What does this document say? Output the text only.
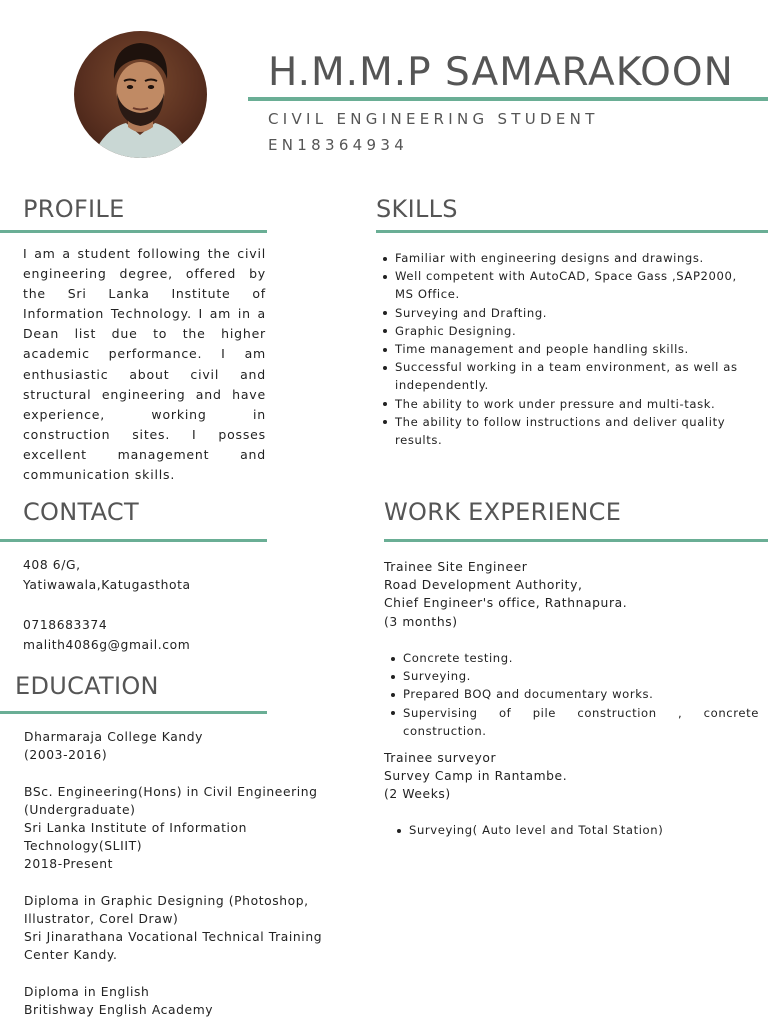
H.M.M.P SAMARAKOON
CIVIL ENGINEERING STUDENT
EN18364934
PROFILE
I am a student following the civil engineering degree, offered by the Sri Lanka Institute of Information Technology. I am in a Dean list due to the higher academic performance. I am enthusiastic about civil and structural engineering and have experience, working in construction sites. I posses excellent management and communication skills.
SKILLS
Familiar with engineering designs and drawings.
Well competent with AutoCAD, Space Gass ,SAP2000, MS Office.
Surveying and Drafting.
Graphic Designing.
Time management and people handling skills.
Successful working in a team environment, as well as independently.
The ability to work under pressure and multi-task.
The ability to follow instructions and deliver quality results.
CONTACT
408 6/G,
Yatiwawala,Katugasthota
0718683374
malith4086g@gmail.com
EDUCATION
Dharmaraja College Kandy
(2003-2016)
BSc. Engineering(Hons) in Civil Engineering
(Undergraduate)
Sri Lanka Institute of Information
Technology(SLIIT)
2018-Present
Diploma in Graphic Designing (Photoshop,
Illustrator, Corel Draw)
Sri Jinarathana Vocational Technical Training
Center Kandy.
Diploma in English
Britishway English Academy
WORK EXPERIENCE
Trainee Site Engineer
Road Development Authority,
Chief Engineer's office, Rathnapura.
(3 months)
Concrete testing.
Surveying.
Prepared BOQ and documentary works.
Supervising of pile construction , concrete construction.
Trainee surveyor
Survey Camp in Rantambe.
(2 Weeks)
Surveying( Auto level and Total Station)
